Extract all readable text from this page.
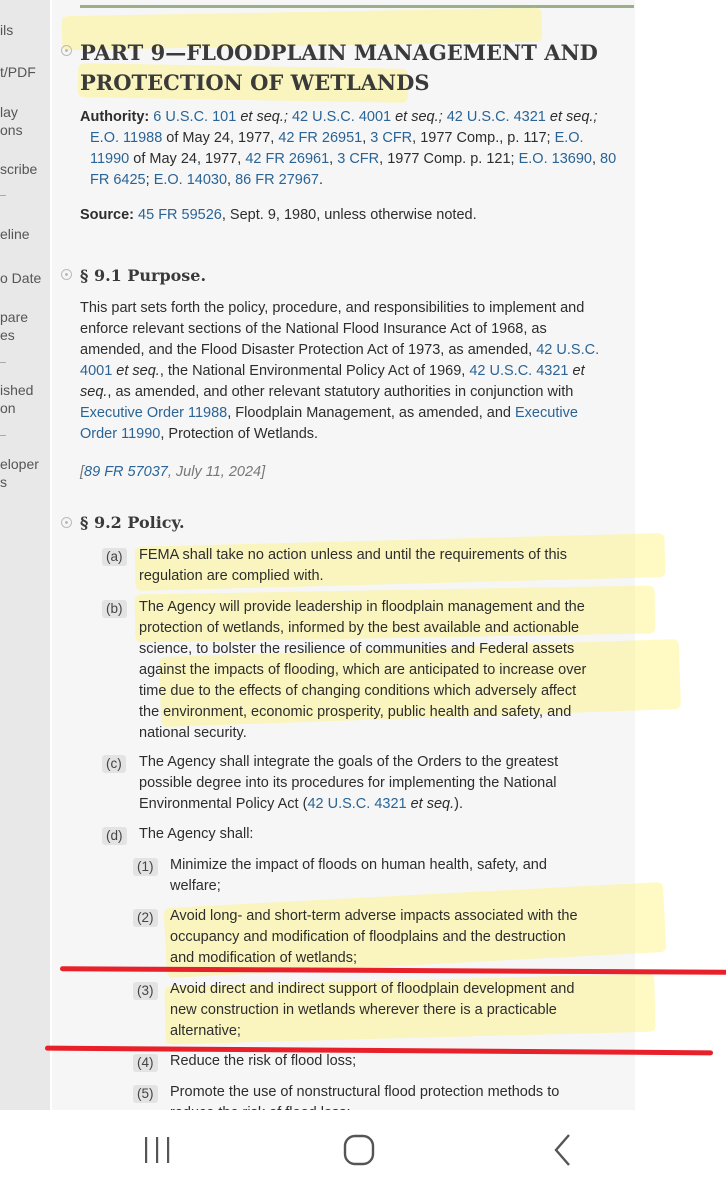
ils
t/PDF
lay
ons
scribe
eline
o Date
pare
es
ished
on
eloper
s
PART 9—FLOODPLAIN MANAGEMENT AND
PROTECTION OF WETLANDS
Authority: 6 U.S.C. 101 et seq.; 42 U.S.C. 4001 et seq.; 42 U.S.C. 4321 et seq.;
E.O. 11988 of May 24, 1977, 42 FR 26951, 3 CFR, 1977 Comp., p. 117; E.O.
11990 of May 24, 1977, 42 FR 26961, 3 CFR, 1977 Comp. p. 121; E.O. 13690, 80
FR 6425; E.O. 14030, 86 FR 27967.
Source: 45 FR 59526, Sept. 9, 1980, unless otherwise noted.
§ 9.1 Purpose.
This part sets forth the policy, procedure, and responsibilities to implement and
enforce relevant sections of the National Flood Insurance Act of 1968, as
amended, and the Flood Disaster Protection Act of 1973, as amended, 42 U.S.C.
4001 et seq., the National Environmental Policy Act of 1969, 42 U.S.C. 4321 et
seq., as amended, and other relevant statutory authorities in conjunction with
Executive Order 11988, Floodplain Management, as amended, and Executive
Order 11990, Protection of Wetlands.
[89 FR 57037, July 11, 2024]
§ 9.2 Policy.
(a) FEMA shall take no action unless and until the requirements of this
regulation are complied with.
(b) The Agency will provide leadership in floodplain management and the
protection of wetlands, informed by the best available and actionable
science, to bolster the resilience of communities and Federal assets
against the impacts of flooding, which are anticipated to increase over
time due to the effects of changing conditions which adversely affect
the environment, economic prosperity, public health and safety, and
national security.
(c) The Agency shall integrate the goals of the Orders to the greatest
possible degree into its procedures for implementing the National
Environmental Policy Act (42 U.S.C. 4321 et seq.).
(d) The Agency shall:
(1) Minimize the impact of floods on human health, safety, and
welfare;
(2) Avoid long- and short-term adverse impacts associated with the
occupancy and modification of floodplains and the destruction
and modification of wetlands;
(3) Avoid direct and indirect support of floodplain development and
new construction in wetlands wherever there is a practicable
alternative;
(4) Reduce the risk of flood loss;
(5) Promote the use of nonstructural flood protection methods to
